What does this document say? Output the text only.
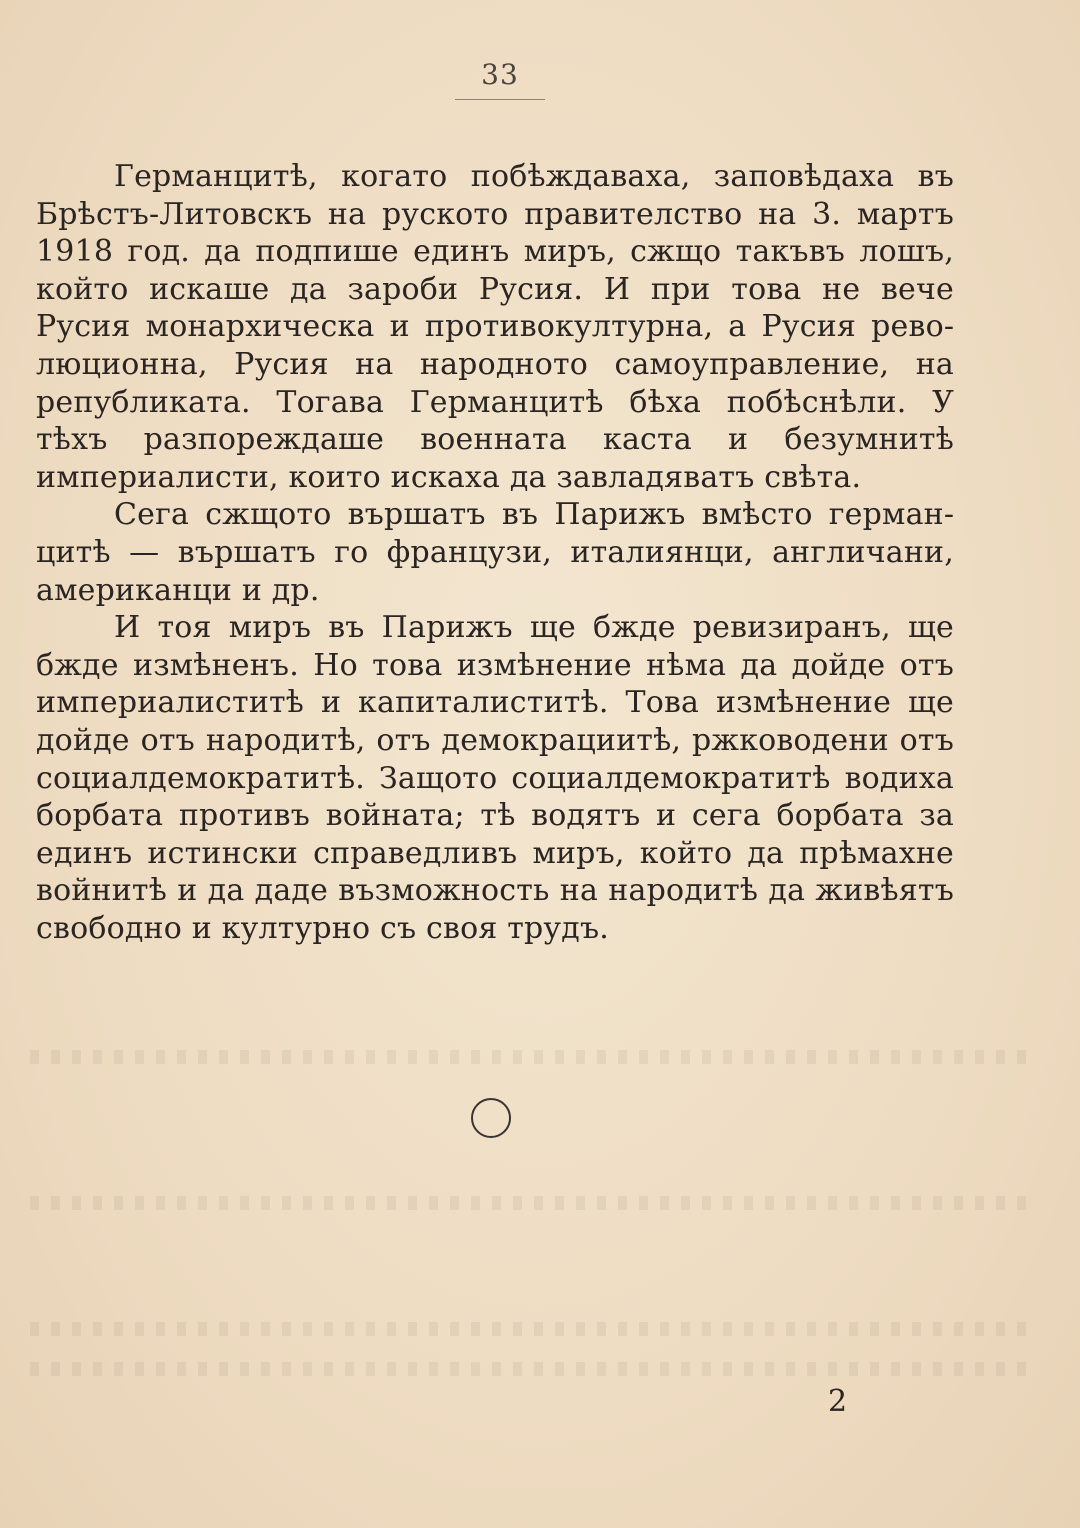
33

Германцитѣ, когато побѣждаваха, заповѣдаха въ Брѣстъ-Литовскъ на руското правителство на 3. мартъ 1918 год. да подпише единъ миръ, сжщо такъвъ лошъ, който искаше да зароби Русия. И при това не вече Русия монархическа и противокултурна, а Русия революционна, Русия на народното самоуправление, на републиката. Тогава Германцитѣ бѣха побѣснѣли. У тѣхъ разпореждаше военната каста и безумнитѣ империалисти, които искаха да завладяватъ свѣта.

Сега сжщото вършатъ въ Парижъ вмѣсто германцитѣ — вършатъ го французи, италиянци, англичани, американци и др.

И тоя миръ въ Парижъ ще бжде ревизиранъ, ще бжде измѣненъ. Но това измѣнение нѣма да дойде отъ империалиститѣ и капиталиститѣ. Това измѣнение ще дойде отъ народитѣ, отъ демокрациитѣ, ржководени отъ социалдемократитѣ. Защото социалдемократитѣ водиха борбата противъ войната; тѣ водятъ и сега борбата за единъ истински справедливъ миръ, който да прѣмахне войнитѣ и да даде възможность на народитѣ да живѣятъ свободно и културно съ своя трудъ.

2
